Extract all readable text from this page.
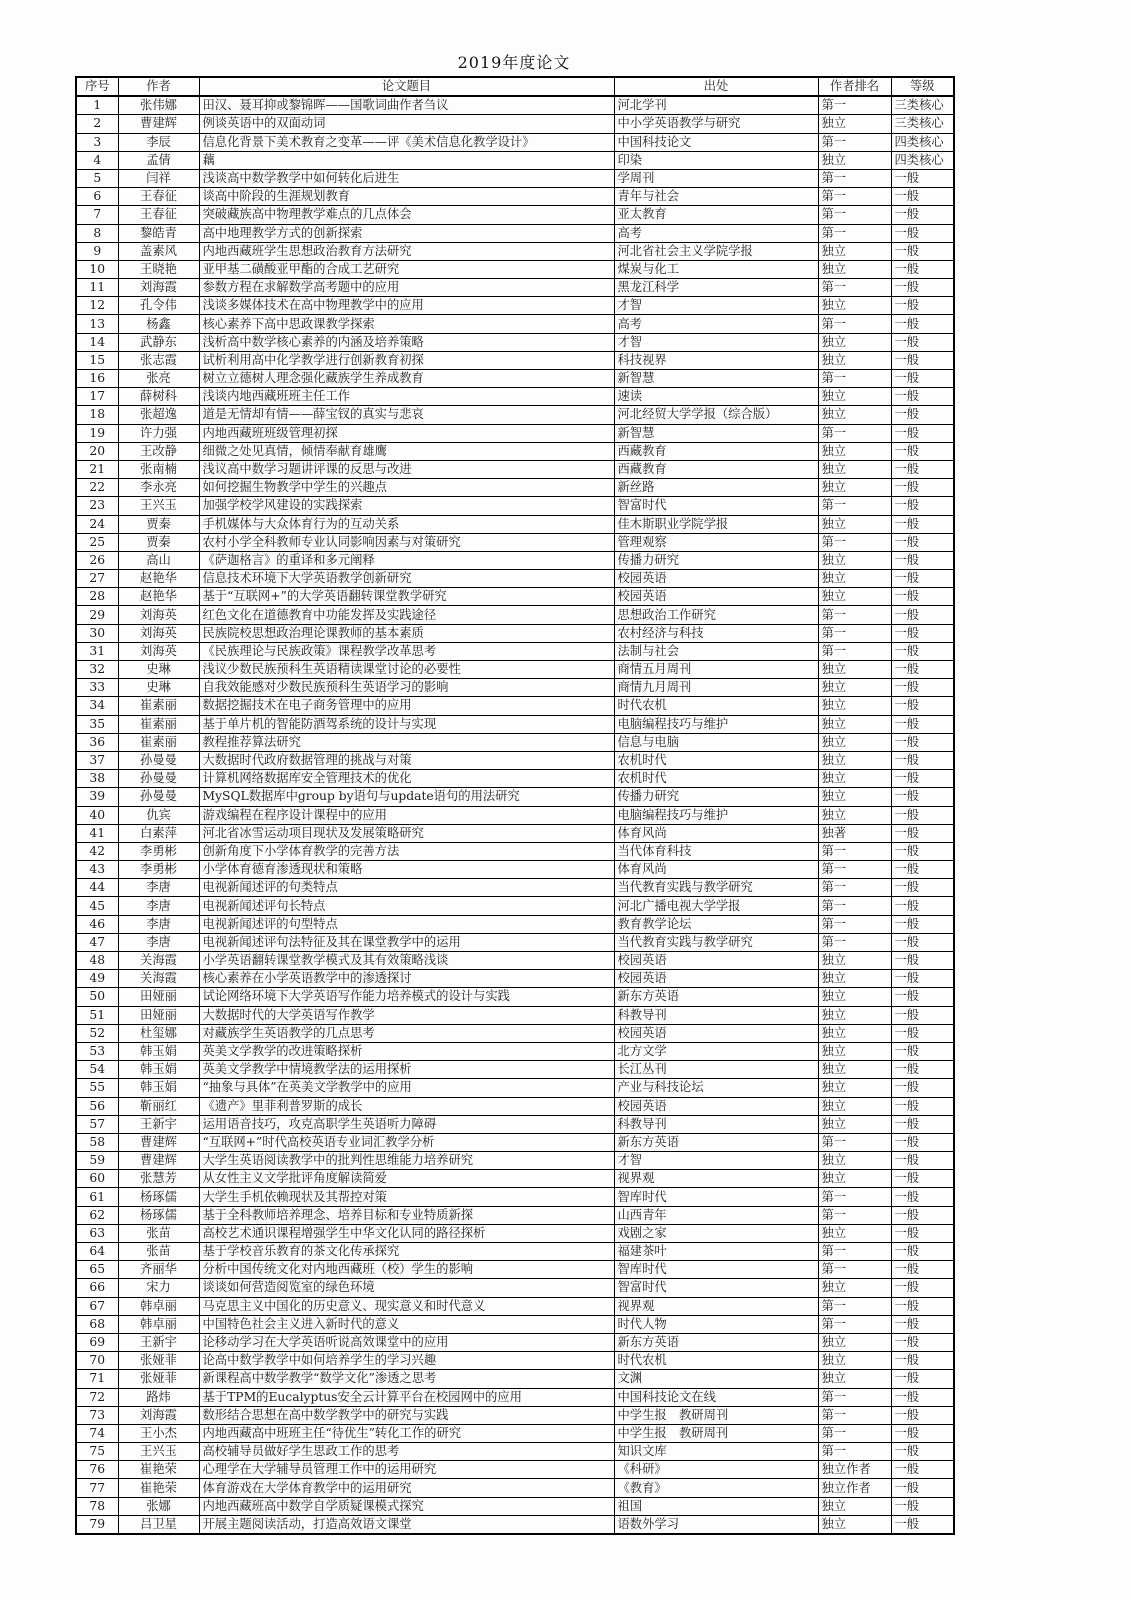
2019年度论文
序号	作者	论文题目	出处	作者排名	等级
1	张伟娜	田汉、聂耳抑或黎锦晖——国歌词曲作者刍议	河北学刊	第一	三类核心
2	曹建辉	例谈英语中的双面动词	中小学英语教学与研究	独立	三类核心
3	李辰	信息化背景下美术教育之变革——评《美术信息化教学设计》	中国科技论文	第一	四类核心
4	孟倩	藕	印染	独立	四类核心
5	闫祥	浅谈高中数学教学中如何转化后进生	学周刊	第一	一般
6	王春征	谈高中阶段的生涯规划教育	青年与社会	第一	一般
7	王春征	突破藏族高中物理教学难点的几点体会	亚太教育	第一	一般
8	黎皓青	高中地理教学方式的创新探索	高考	第一	一般
9	盖素风	内地西藏班学生思想政治教育方法研究	河北省社会主义学院学报	独立	一般
10	王晓艳	亚甲基二磺酸亚甲酯的合成工艺研究	煤炭与化工	独立	一般
11	刘海霞	参数方程在求解数学高考题中的应用	黑龙江科学	第一	一般
12	孔令伟	浅谈多媒体技术在高中物理教学中的应用	才智	独立	一般
13	杨鑫	核心素养下高中思政课教学探索	高考	第一	一般
14	武静东	浅析高中数学核心素养的内涵及培养策略	才智	独立	一般
15	张志霞	试析利用高中化学教学进行创新教育初探	科技视界	独立	一般
16	张亮	树立立德树人理念强化藏族学生养成教育	新智慧	第一	一般
17	薛树科	浅谈内地西藏班班主任工作	速读	独立	一般
18	张超逸	道是无情却有情——薛宝钗的真实与悲哀	河北经贸大学学报（综合版）	独立	一般
19	许力强	内地西藏班班级管理初探	新智慧	第一	一般
20	王改静	细微之处见真情，倾情奉献育雄鹰	西藏教育	独立	一般
21	张南楠	浅议高中数学习题讲评课的反思与改进	西藏教育	独立	一般
22	李永亮	如何挖掘生物教学中学生的兴趣点	新丝路	独立	一般
23	王兴玉	加强学校学风建设的实践探索	智富时代	第一	一般
24	贾秦	手机媒体与大众体育行为的互动关系	佳木斯职业学院学报	独立	一般
25	贾秦	农村小学全科教师专业认同影响因素与对策研究	管理观察	第一	一般
26	高山	《萨迦格言》的重译和多元阐释	传播力研究	独立	一般
27	赵艳华	信息技术环境下大学英语教学创新研究	校园英语	独立	一般
28	赵艳华	基于“互联网+”的大学英语翻转课堂教学研究	校园英语	独立	一般
29	刘海英	红色文化在道德教育中功能发挥及实践途径	思想政治工作研究	第一	一般
30	刘海英	民族院校思想政治理论课教师的基本素质	农村经济与科技	第一	一般
31	刘海英	《民族理论与民族政策》课程教学改革思考	法制与社会	第一	一般
32	史琳	浅议少数民族预科生英语精读课堂讨论的必要性	商情五月周刊	独立	一般
33	史琳	自我效能感对少数民族预科生英语学习的影响	商情九月周刊	独立	一般
34	崔素丽	数据挖掘技术在电子商务管理中的应用	时代农机	独立	一般
35	崔素丽	基于单片机的智能防酒驾系统的设计与实现	电脑编程技巧与维护	独立	一般
36	崔素丽	教程推荐算法研究	信息与电脑	独立	一般
37	孙曼曼	大数据时代政府数据管理的挑战与对策	农机时代	独立	一般
38	孙曼曼	计算机网络数据库安全管理技术的优化	农机时代	独立	一般
39	孙曼曼	MySQL数据库中group by语句与update语句的用法研究	传播力研究	独立	一般
40	仇宾	游戏编程在程序设计课程中的应用	电脑编程技巧与维护	独立	一般
41	白素萍	河北省冰雪运动项目现状及发展策略研究	体育风尚	独著	一般
42	李勇彬	创新角度下小学体育教学的完善方法	当代体育科技	第一	一般
43	李勇彬	小学体育德育渗透现状和策略	体育风尚	第一	一般
44	李唐	电视新闻述评的句类特点	当代教育实践与教学研究	第一	一般
45	李唐	电视新闻述评句长特点	河北广播电视大学学报	第一	一般
46	李唐	电视新闻述评的句型特点	教育教学论坛	第一	一般
47	李唐	电视新闻述评句法特征及其在课堂教学中的运用	当代教育实践与教学研究	第一	一般
48	关海霞	小学英语翻转课堂教学模式及其有效策略浅谈	校园英语	独立	一般
49	关海霞	核心素养在小学英语教学中的渗透探讨	校园英语	独立	一般
50	田娅丽	试论网络环境下大学英语写作能力培养模式的设计与实践	新东方英语	独立	一般
51	田娅丽	大数据时代的大学英语写作教学	科教导刊	独立	一般
52	杜玺娜	对藏族学生英语教学的几点思考	校园英语	独立	一般
53	韩玉娟	英美文学教学的改进策略探析	北方文学	独立	一般
54	韩玉娟	英美文学教学中情境教学法的运用探析	长江丛刊	独立	一般
55	韩玉娟	“抽象与具体”在英美文学教学中的应用	产业与科技论坛	独立	一般
56	靳丽红	《遗产》里菲利普罗斯的成长	校园英语	独立	一般
57	王新宇	运用语音技巧，攻克高职学生英语听力障碍	科教导刊	独立	一般
58	曹建辉	“互联网+”时代高校英语专业词汇教学分析	新东方英语	第一	一般
59	曹建辉	大学生英语阅读教学中的批判性思维能力培养研究	才智	独立	一般
60	张慧芳	从女性主义文学批评角度解读简爱	视界观	独立	一般
61	杨琢儒	大学生手机依赖现状及其帮控对策	智库时代	第一	一般
62	杨琢儒	基于全科教师培养理念、培养目标和专业特质新探	山西青年	第一	一般
63	张苗	高校艺术通识课程增强学生中华文化认同的路径探析	戏剧之家	独立	一般
64	张苗	基于学校音乐教育的茶文化传承探究	福建茶叶	第一	一般
65	齐丽华	分析中国传统文化对内地西藏班（校）学生的影响	智库时代	第一	一般
66	宋力	谈谈如何营造阅览室的绿色环境	智富时代	独立	一般
67	韩卓丽	马克思主义中国化的历史意义、现实意义和时代意义	视界观	第一	一般
68	韩卓丽	中国特色社会主义进入新时代的意义	时代人物	第一	一般
69	王新宇	论移动学习在大学英语听说高效课堂中的应用	新东方英语	独立	一般
70	张娅菲	论高中数学教学中如何培养学生的学习兴趣	时代农机	独立	一般
71	张娅菲	新课程高中数学教学“数学文化”渗透之思考	文渊	独立	一般
72	路炜	基于TPM的Eucalyptus安全云计算平台在校园网中的应用	中国科技论文在线	第一	一般
73	刘海霞	数形结合思想在高中数学教学中的研究与实践	中学生报　教研周刊	第一	一般
74	王小杰	内地西藏高中班班主任“待优生”转化工作的研究	中学生报　教研周刊	第一	一般
75	王兴玉	高校辅导员做好学生思政工作的思考	知识文库	第一	一般
76	崔艳荣	心理学在大学辅导员管理工作中的运用研究	《科研》	独立作者	一般
77	崔艳荣	体育游戏在大学体育教学中的运用研究	《教育》	独立作者	一般
78	张娜	内地西藏班高中数学自学质疑课模式探究	祖国	独立	一般
79	吕卫星	开展主题阅读活动，打造高效语文课堂	语数外学习	独立	一般
